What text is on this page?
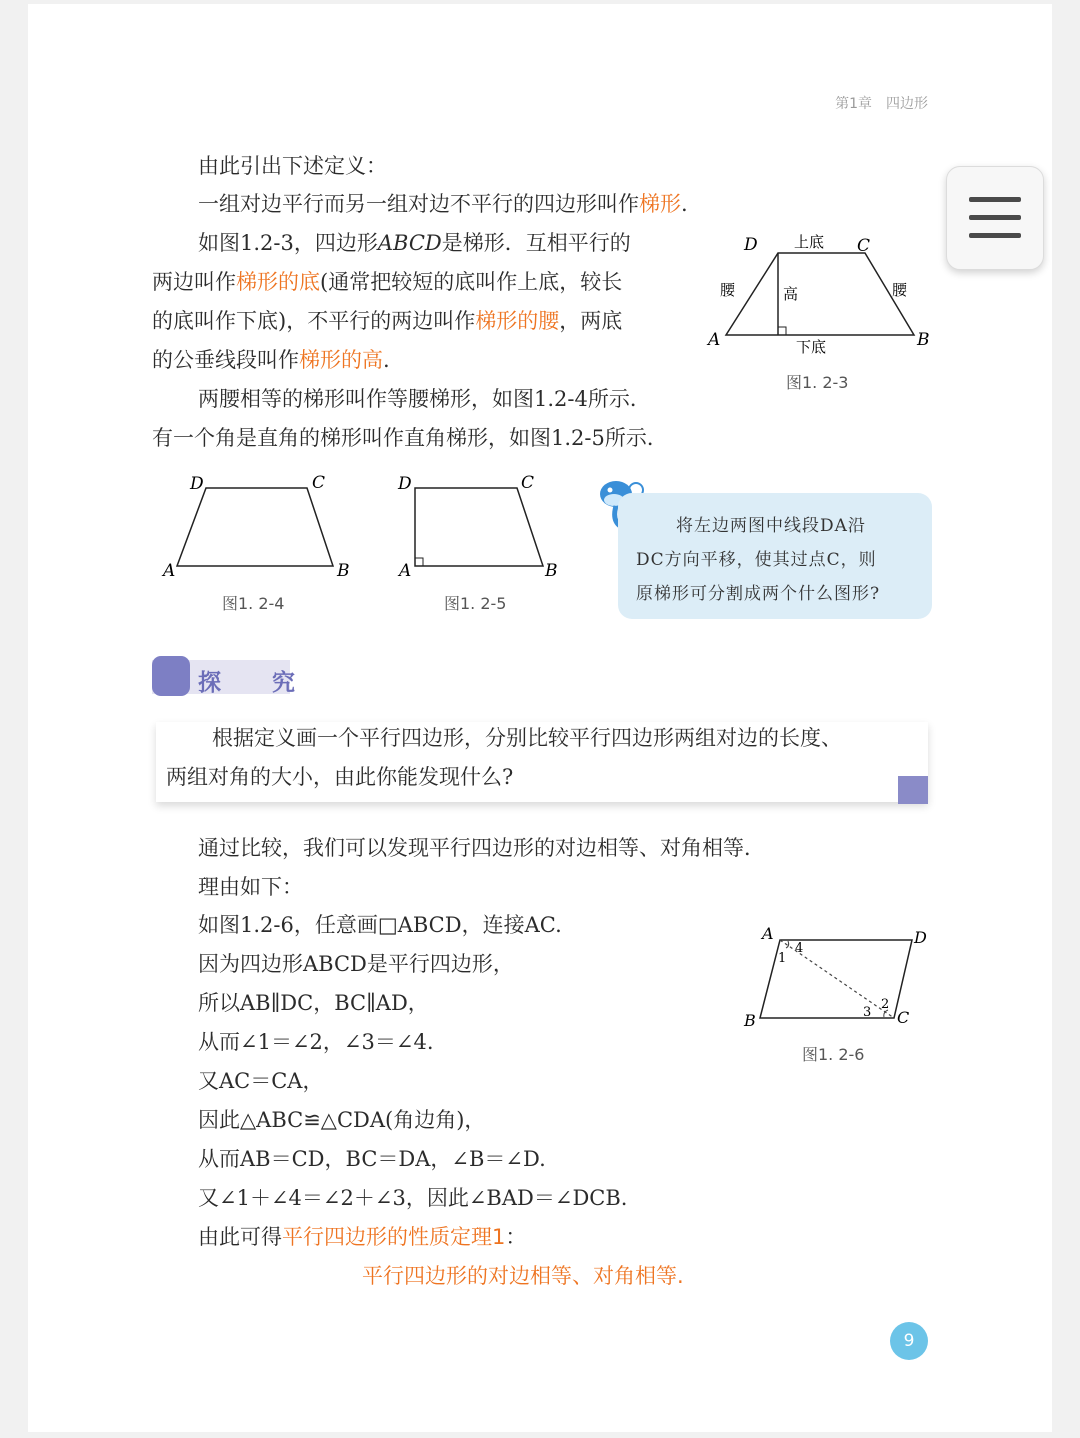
第1章　四边形
由此引出下述定义：
一组对边平行而另一组对边不平行的四边形叫作梯形.
如图1.2-3，四边形ABCD是梯形．互相平行的
两边叫作梯形的底(通常把较短的底叫作上底，较长
的底叫作下底)，不平行的两边叫作梯形的腰，两底
的公垂线段叫作梯形的高.
两腰相等的梯形叫作等腰梯形，如图1.2-4所示．
有一个角是直角的梯形叫作直角梯形，如图1.2-5所示．
D	C
A	B
上底
下底
腰	腰
高
图1. 2-3
D	C
A	B
图1. 2-4
D	C
A	B
图1. 2-5
将左边两图中线段DA沿
DC方向平移，使其过点C，则
原梯形可分割成两个什么图形?
探　究
根据定义画一个平行四边形，分别比较平行四边形两组对边的长度、
两组对角的大小，由此你能发现什么?
通过比较，我们可以发现平行四边形的对边相等、对角相等．
理由如下：
如图1.2-6，任意画□ABCD，连接AC.
因为四边形ABCD是平行四边形，
所以AB∥DC，BC∥AD，
从而∠1＝∠2，∠3＝∠4.
又AC＝CA，
因此△ABC≌△CDA(角边角)，
从而AB＝CD，BC＝DA，∠B＝∠D.
又∠1＋∠4＝∠2＋∠3，因此∠BAD＝∠DCB.
由此可得平行四边形的性质定理1：
平行四边形的对边相等、对角相等.
A	D
B	C
1
4
2
3
图1. 2-6
9
